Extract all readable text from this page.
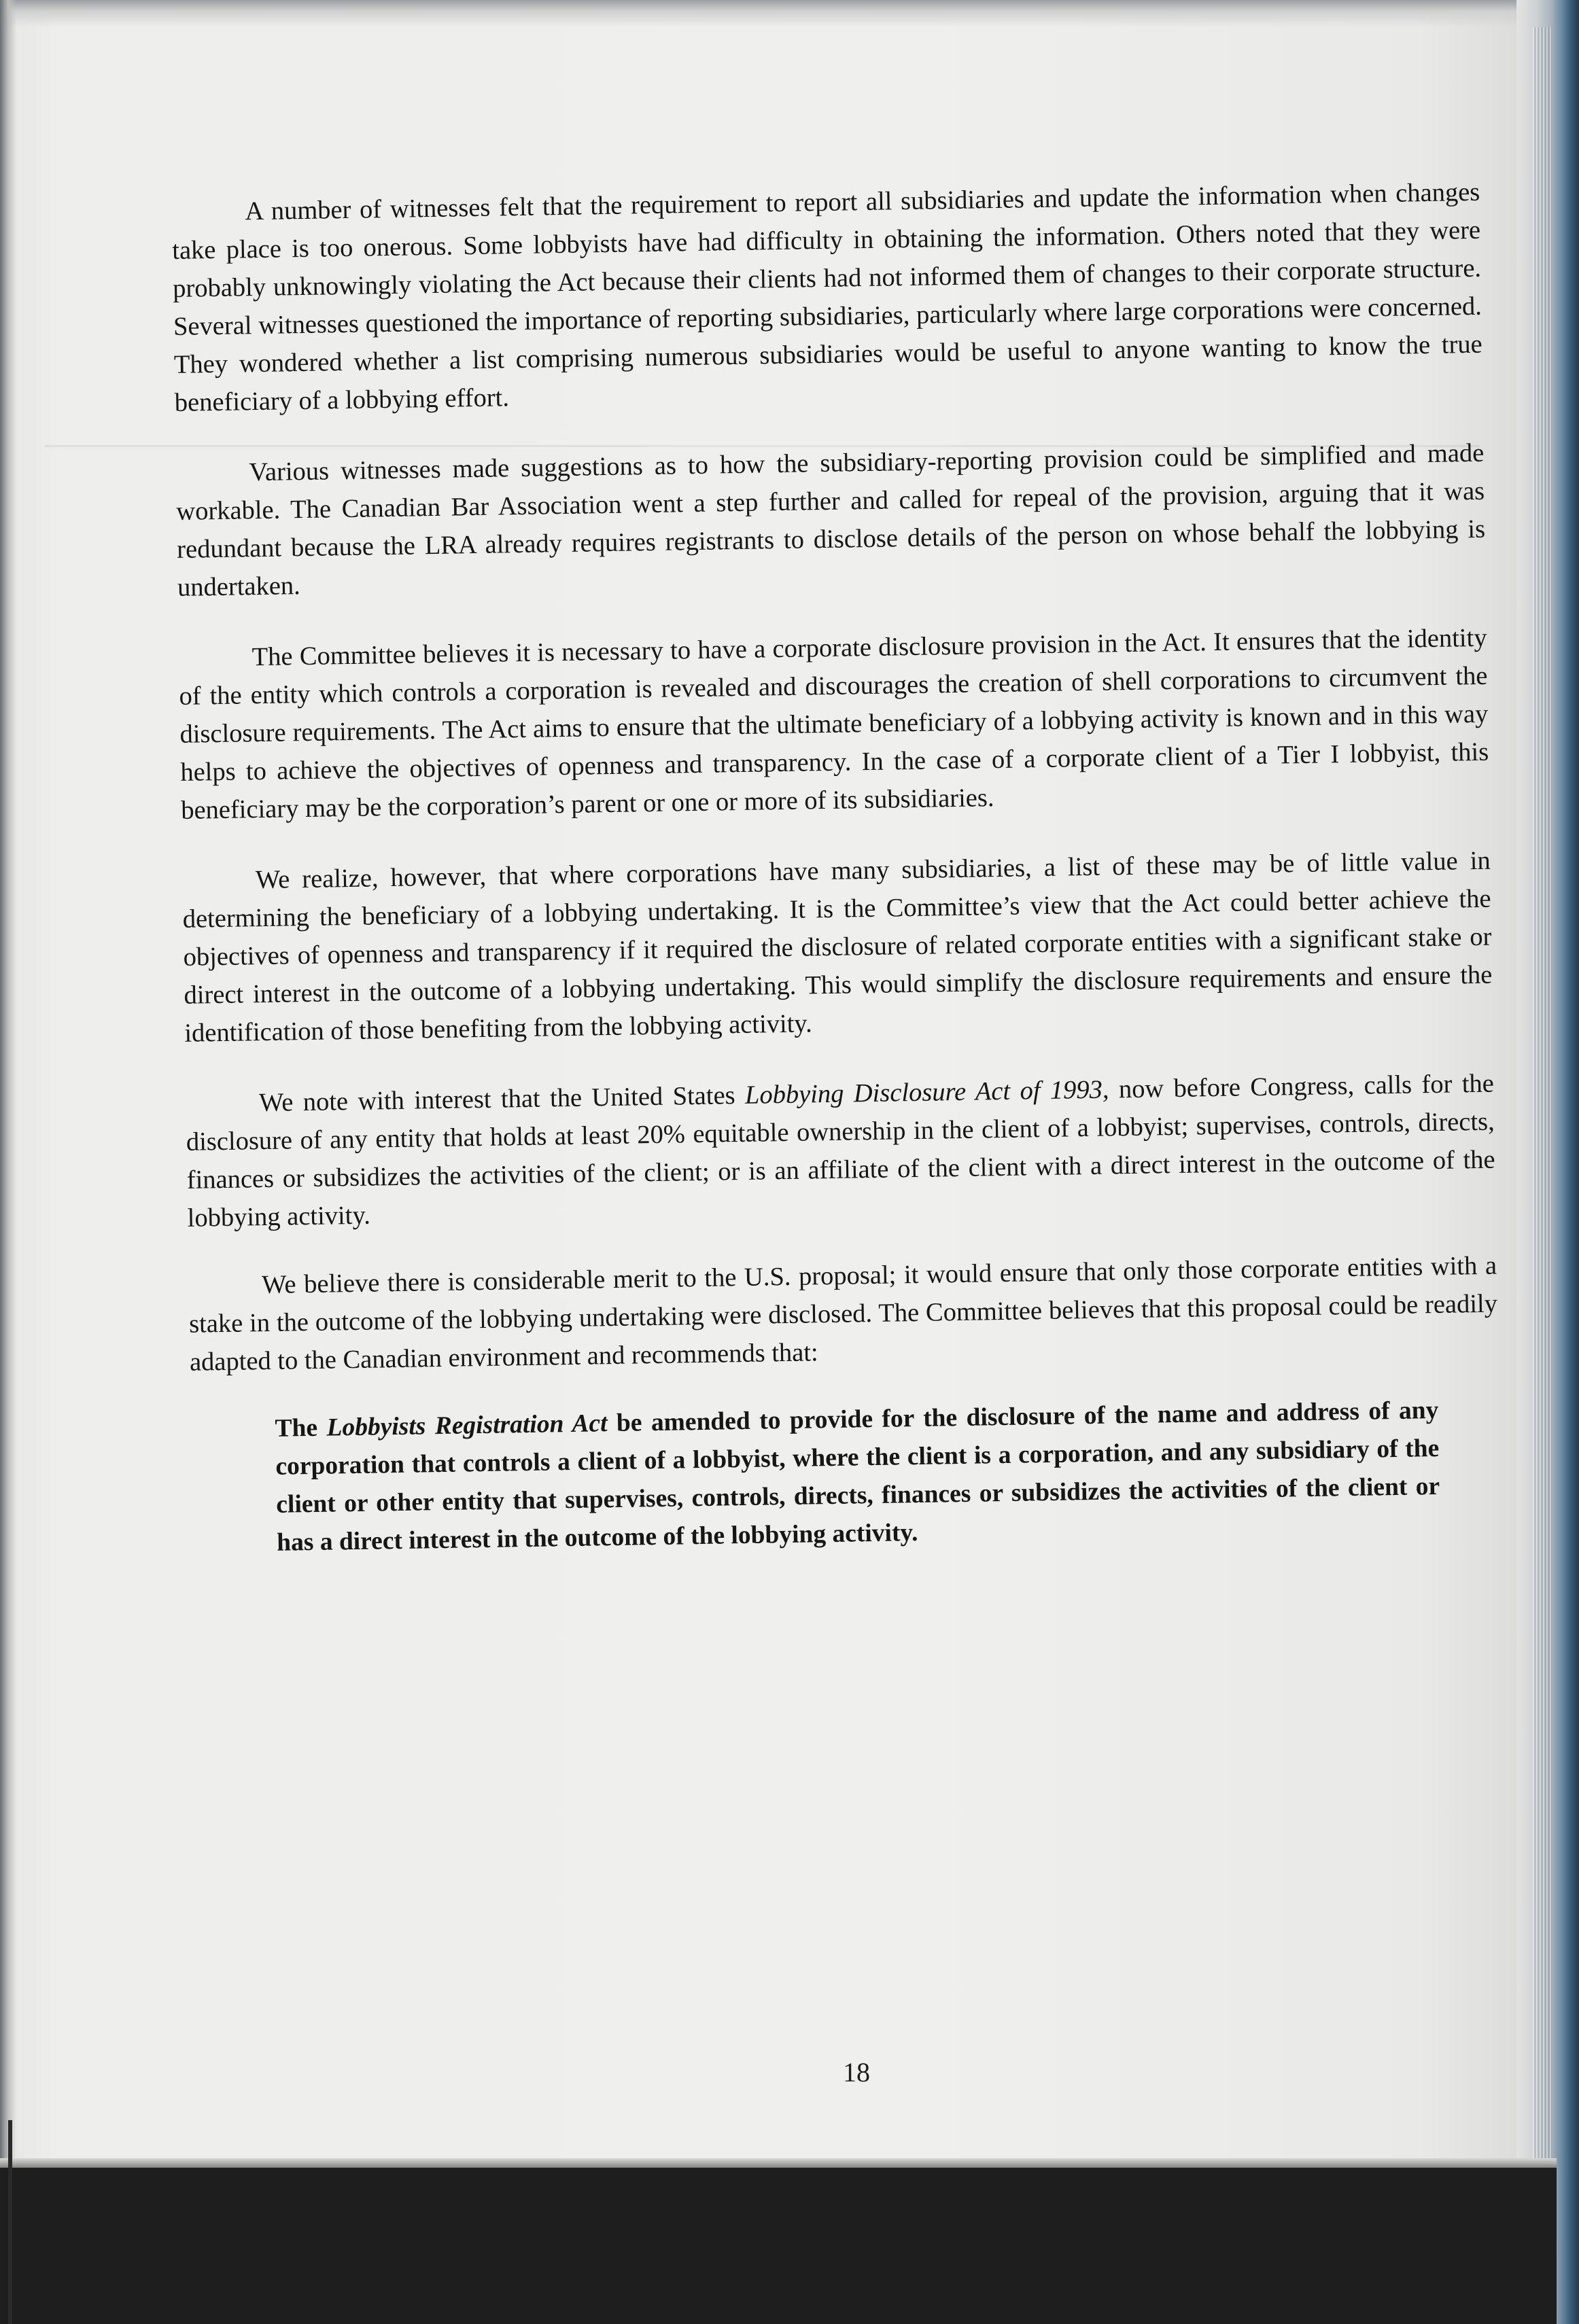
A number of witnesses felt that the requirement to report all subsidiaries and update the information when changes take place is too onerous. Some lobbyists have had difficulty in obtaining the information. Others noted that they were probably unknowingly violating the Act because their clients had not informed them of changes to their corporate structure. Several witnesses questioned the importance of reporting subsidiaries, particularly where large corporations were concerned. They wondered whether a list comprising numerous subsidiaries would be useful to anyone wanting to know the true beneficiary of a lobbying effort.

Various witnesses made suggestions as to how the subsidiary-reporting provision could be simplified and made workable. The Canadian Bar Association went a step further and called for repeal of the provision, arguing that it was redundant because the LRA already requires registrants to disclose details of the person on whose behalf the lobbying is undertaken.

The Committee believes it is necessary to have a corporate disclosure provision in the Act. It ensures that the identity of the entity which controls a corporation is revealed and discourages the creation of shell corporations to circumvent the disclosure requirements. The Act aims to ensure that the ultimate beneficiary of a lobbying activity is known and in this way helps to achieve the objectives of openness and transparency. In the case of a corporate client of a Tier I lobbyist, this beneficiary may be the corporation’s parent or one or more of its subsidiaries.

We realize, however, that where corporations have many subsidiaries, a list of these may be of little value in determining the beneficiary of a lobbying undertaking. It is the Committee’s view that the Act could better achieve the objectives of openness and transparency if it required the disclosure of related corporate entities with a significant stake or direct interest in the outcome of a lobbying undertaking. This would simplify the disclosure requirements and ensure the identification of those benefiting from the lobbying activity.

We note with interest that the United States Lobbying Disclosure Act of 1993, now before Congress, calls for the disclosure of any entity that holds at least 20% equitable ownership in the client of a lobbyist; supervises, controls, directs, finances or subsidizes the activities of the client; or is an affiliate of the client with a direct interest in the outcome of the lobbying activity.

We believe there is considerable merit to the U.S. proposal; it would ensure that only those corporate entities with a stake in the outcome of the lobbying undertaking were disclosed. The Committee believes that this proposal could be readily adapted to the Canadian environment and recommends that:

The Lobbyists Registration Act be amended to provide for the disclosure of the name and address of any corporation that controls a client of a lobbyist, where the client is a corporation, and any subsidiary of the client or other entity that supervises, controls, directs, finances or subsidizes the activities of the client or has a direct interest in the outcome of the lobbying activity.
18
